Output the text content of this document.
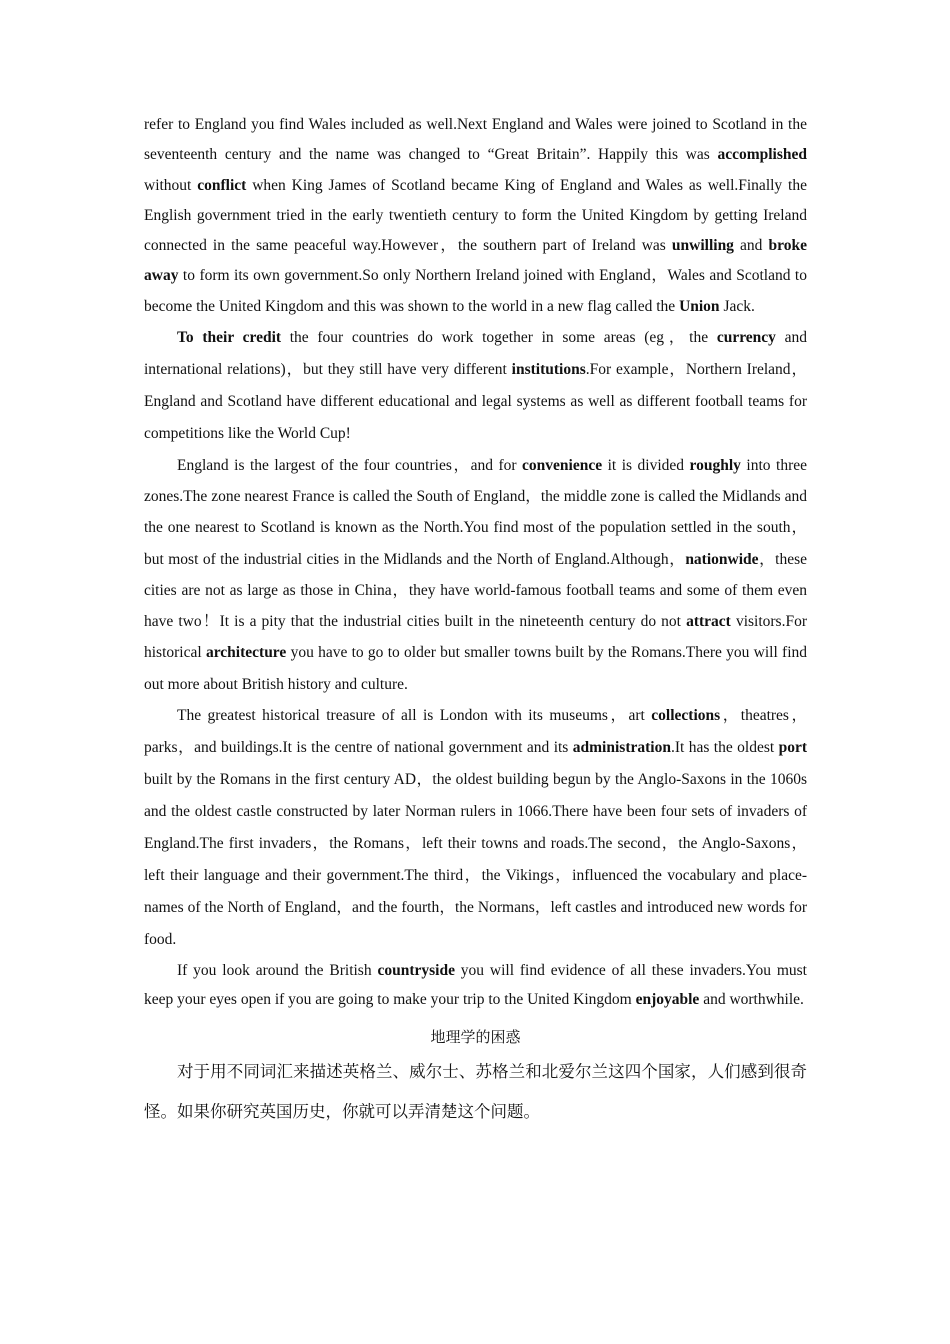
refer to England you find Wales included as well.Next England and Wales were joined to Scotland in the seventeenth century and the name was changed to “Great Britain”. Happily this was accomplished without conflict when King James of Scotland became King of England and Wales as well.Finally the English government tried in the early twentieth century to form the United Kingdom by getting Ireland connected in the same peaceful way.However，the southern part of Ireland was unwilling and broke away to form its own government.So only Northern Ireland joined with England，Wales and Scotland to become the United Kingdom and this was shown to the world in a new flag called the Union Jack.

To their credit the four countries do work together in some areas (eg，the currency and international relations)，but they still have very different institutions.For example，Northern Ireland，England and Scotland have different educational and legal systems as well as different football teams for competitions like the World Cup!

England is the largest of the four countries，and for convenience it is divided roughly into three zones.The zone nearest France is called the South of England，the middle zone is called the Midlands and the one nearest to Scotland is known as the North.You find most of the population settled in the south，but most of the industrial cities in the Midlands and the North of England.Although，nationwide，these cities are not as large as those in China，they have world-famous football teams and some of them even have two！It is a pity that the industrial cities built in the nineteenth century do not attract visitors.For historical architecture you have to go to older but smaller towns built by the Romans.There you will find out more about British history and culture.

The greatest historical treasure of all is London with its museums，art collections，theatres，parks，and buildings.It is the centre of national government and its administration.It has the oldest port built by the Romans in the first century AD，the oldest building begun by the Anglo-Saxons in the 1060s and the oldest castle constructed by later Norman rulers in 1066.There have been four sets of invaders of England.The first invaders，the Romans，left their towns and roads.The second，the Anglo-Saxons，left their language and their government.The third，the Vikings，influenced the vocabulary and place-names of the North of England，and the fourth，the Normans，left castles and introduced new words for food.

If you look around the British countryside you will find evidence of all these invaders.You must keep your eyes open if you are going to make your trip to the United Kingdom enjoyable and worthwhile.

地理学的困惑

对于用不同词汇来描述英格兰、威尔士、苏格兰和北爱尔兰这四个国家，人们感到很奇怪。如果你研究英国历史，你就可以弄清楚这个问题。
